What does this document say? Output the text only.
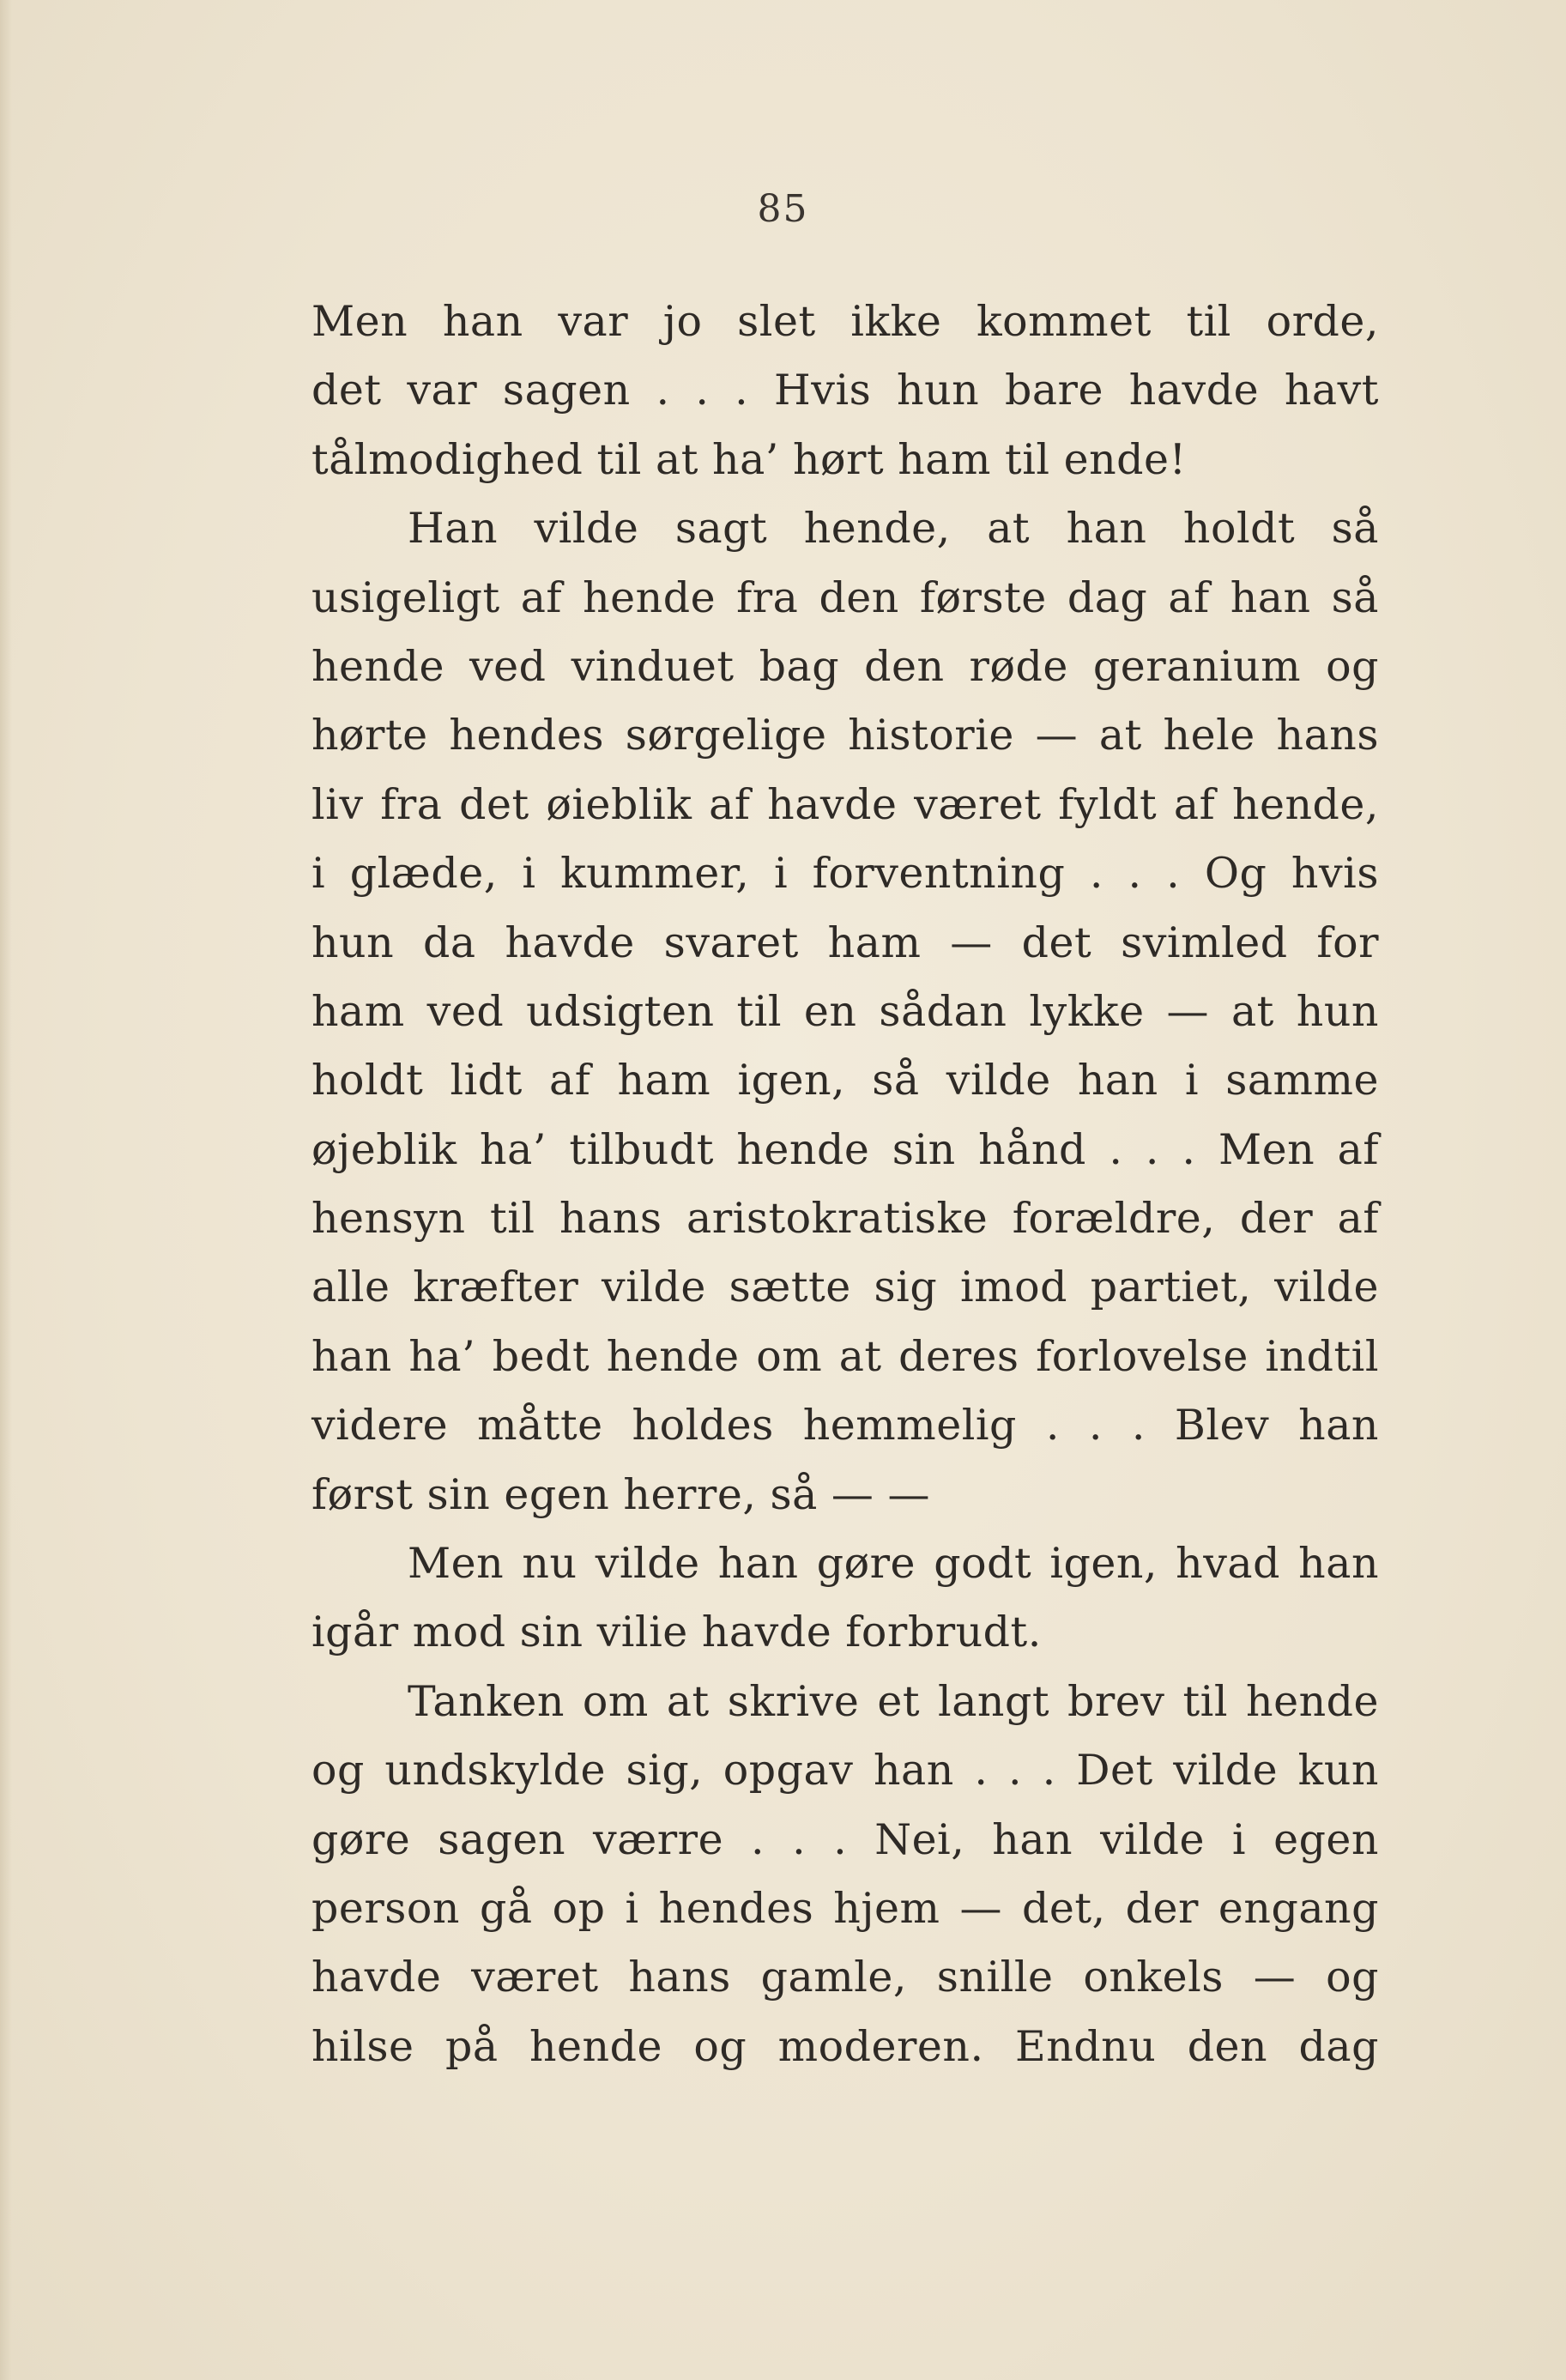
85
Men han var jo slet ikke kommet til orde,
det var sagen . . . Hvis hun bare havde havt
tålmodighed til at ha’ hørt ham til ende!
Han vilde sagt hende, at han holdt så
usigeligt af hende fra den første dag af han så
hende ved vinduet bag den røde geranium og
hørte hendes sørgelige historie — at hele hans
liv fra det øieblik af havde været fyldt af hende,
i glæde, i kummer, i forventning . . . Og hvis
hun da havde svaret ham — det svimled for
ham ved udsigten til en sådan lykke — at hun
holdt lidt af ham igen, så vilde han i samme
øjeblik ha’ tilbudt hende sin hånd . . . Men af
hensyn til hans aristokratiske forældre, der af
alle kræfter vilde sætte sig imod partiet, vilde
han ha’ bedt hende om at deres forlovelse indtil
videre måtte holdes hemmelig . . . Blev han
først sin egen herre, så — —
Men nu vilde han gøre godt igen, hvad han
igår mod sin vilie havde forbrudt.
Tanken om at skrive et langt brev til hende
og undskylde sig, opgav han . . . Det vilde kun
gøre sagen værre . . . Nei, han vilde i egen
person gå op i hendes hjem — det, der engang
havde været hans gamle, snille onkels — og
hilse på hende og moderen. Endnu den dag
